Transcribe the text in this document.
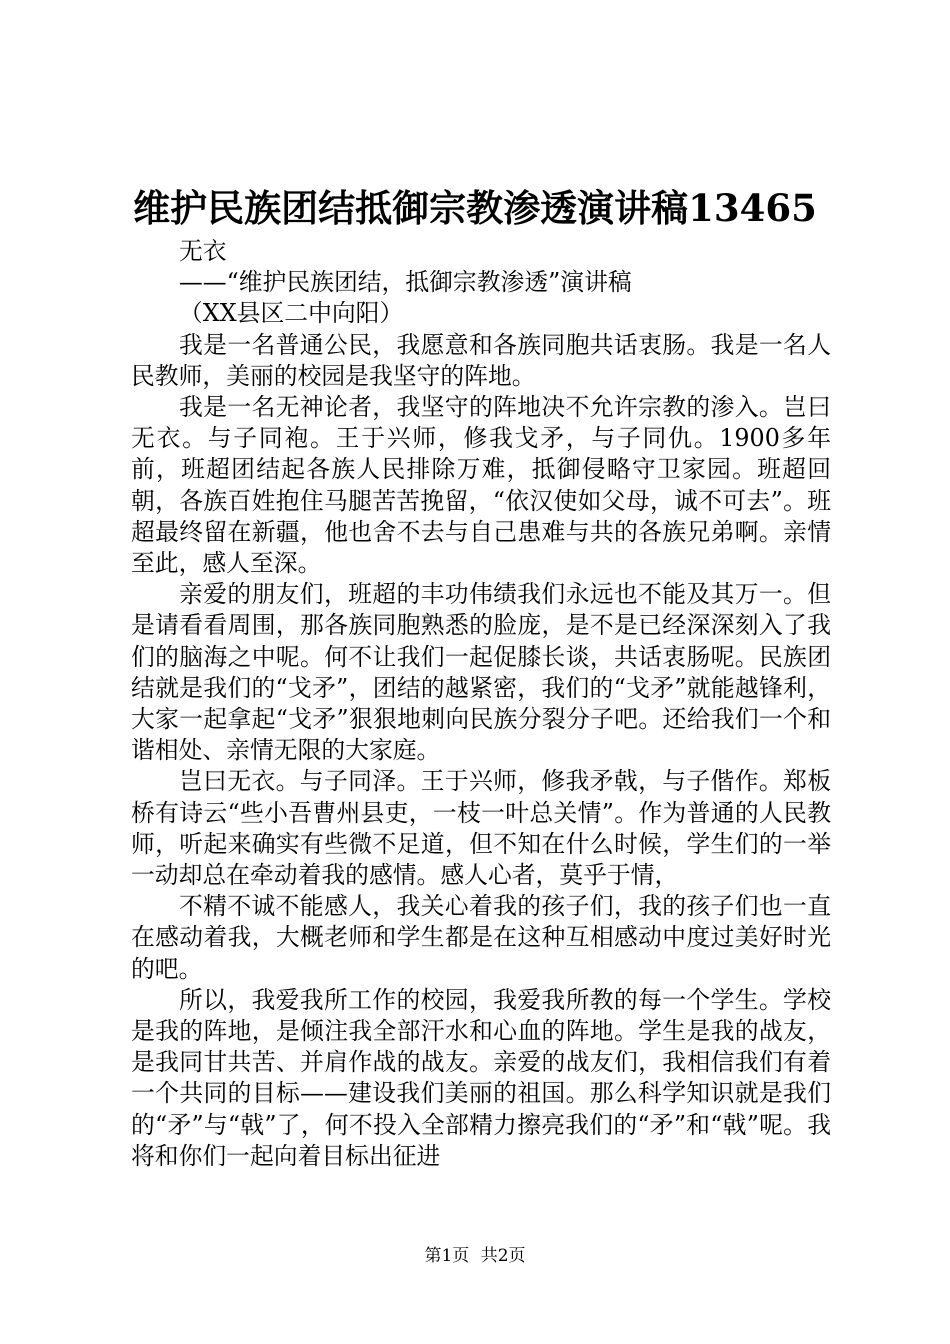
维护民族团结抵御宗教渗透演讲稿13465

无衣

——“维护民族团结，抵御宗教渗透”演讲稿

（XX县区二中向阳）

我是一名普通公民，我愿意和各族同胞共话衷肠。我是一名人民教师，美丽的校园是我坚守的阵地。

我是一名无神论者，我坚守的阵地决不允许宗教的渗入。岂曰无衣。与子同袍。王于兴师，修我戈矛，与子同仇。1900多年前，班超团结起各族人民排除万难，抵御侵略守卫家园。班超回朝，各族百姓抱住马腿苦苦挽留，“依汉使如父母，诚不可去”。班超最终留在新疆，他也舍不去与自己患难与共的各族兄弟啊。亲情至此，感人至深。

亲爱的朋友们，班超的丰功伟绩我们永远也不能及其万一。但是请看看周围，那各族同胞熟悉的脸庞，是不是已经深深刻入了我们的脑海之中呢。何不让我们一起促膝长谈，共话衷肠呢。民族团结就是我们的“戈矛”，团结的越紧密，我们的“戈矛”就能越锋利，大家一起拿起“戈矛”狠狠地刺向民族分裂分子吧。还给我们一个和谐相处、亲情无限的大家庭。

岂曰无衣。与子同泽。王于兴师，修我矛戟，与子偕作。郑板桥有诗云“些小吾曹州县吏，一枝一叶总关情”。作为普通的人民教师，听起来确实有些微不足道，但不知在什么时候，学生们的一举一动却总在牵动着我的感情。感人心者，莫乎于情，

不精不诚不能感人，我关心着我的孩子们，我的孩子们也一直在感动着我，大概老师和学生都是在这种互相感动中度过美好时光的吧。

所以，我爱我所工作的校园，我爱我所教的每一个学生。学校是我的阵地，是倾注我全部汗水和心血的阵地。学生是我的战友，是我同甘共苦、并肩作战的战友。亲爱的战友们，我相信我们有着一个共同的目标——建设我们美丽的祖国。那么科学知识就是我们的“矛”与“戟”了，何不投入全部精力擦亮我们的“矛”和“戟”呢。我将和你们一起向着目标出征进

第1页 共2页
